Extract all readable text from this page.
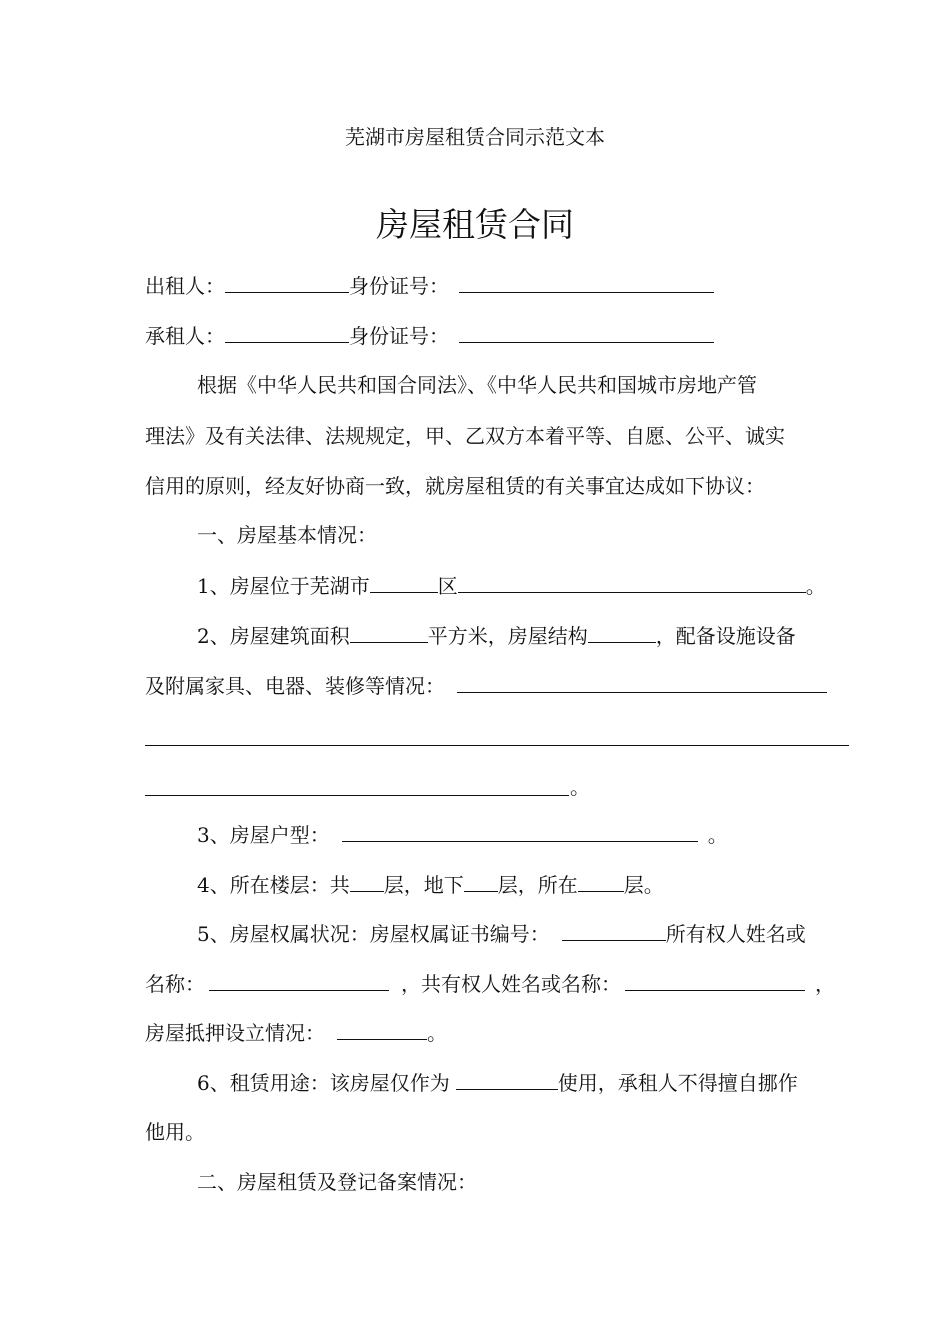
芜湖市房屋租赁合同示范文本
房屋租赁合同
出租人：	身份证号：
承租人：	身份证号：
根据《中华人民共和国合同法》、《中华人民共和国城市房地产管
理法》及有关法律、法规规定，甲、乙双方本着平等、自愿、公平、诚实
信用的原则，经友好协商一致，就房屋租赁的有关事宜达成如下协议：
一、房屋基本情况：
1、房屋位于芜湖市	区	。
2、房屋建筑面积	平方米，房屋结构	，配备设施设备
及附属家具、电器、装修等情况：
。
3、房屋户型：	。
4、所在楼层：共 层，地下 层，所在 层。
5、房屋权属状况：房屋权属证书编号：	所有权人姓名或
名称：	，共有权人姓名或名称：	，
房屋抵押设立情况：	。
6、租赁用途：该房屋仅作为	使用，承租人不得擅自挪作
他用。
二、房屋租赁及登记备案情况：
